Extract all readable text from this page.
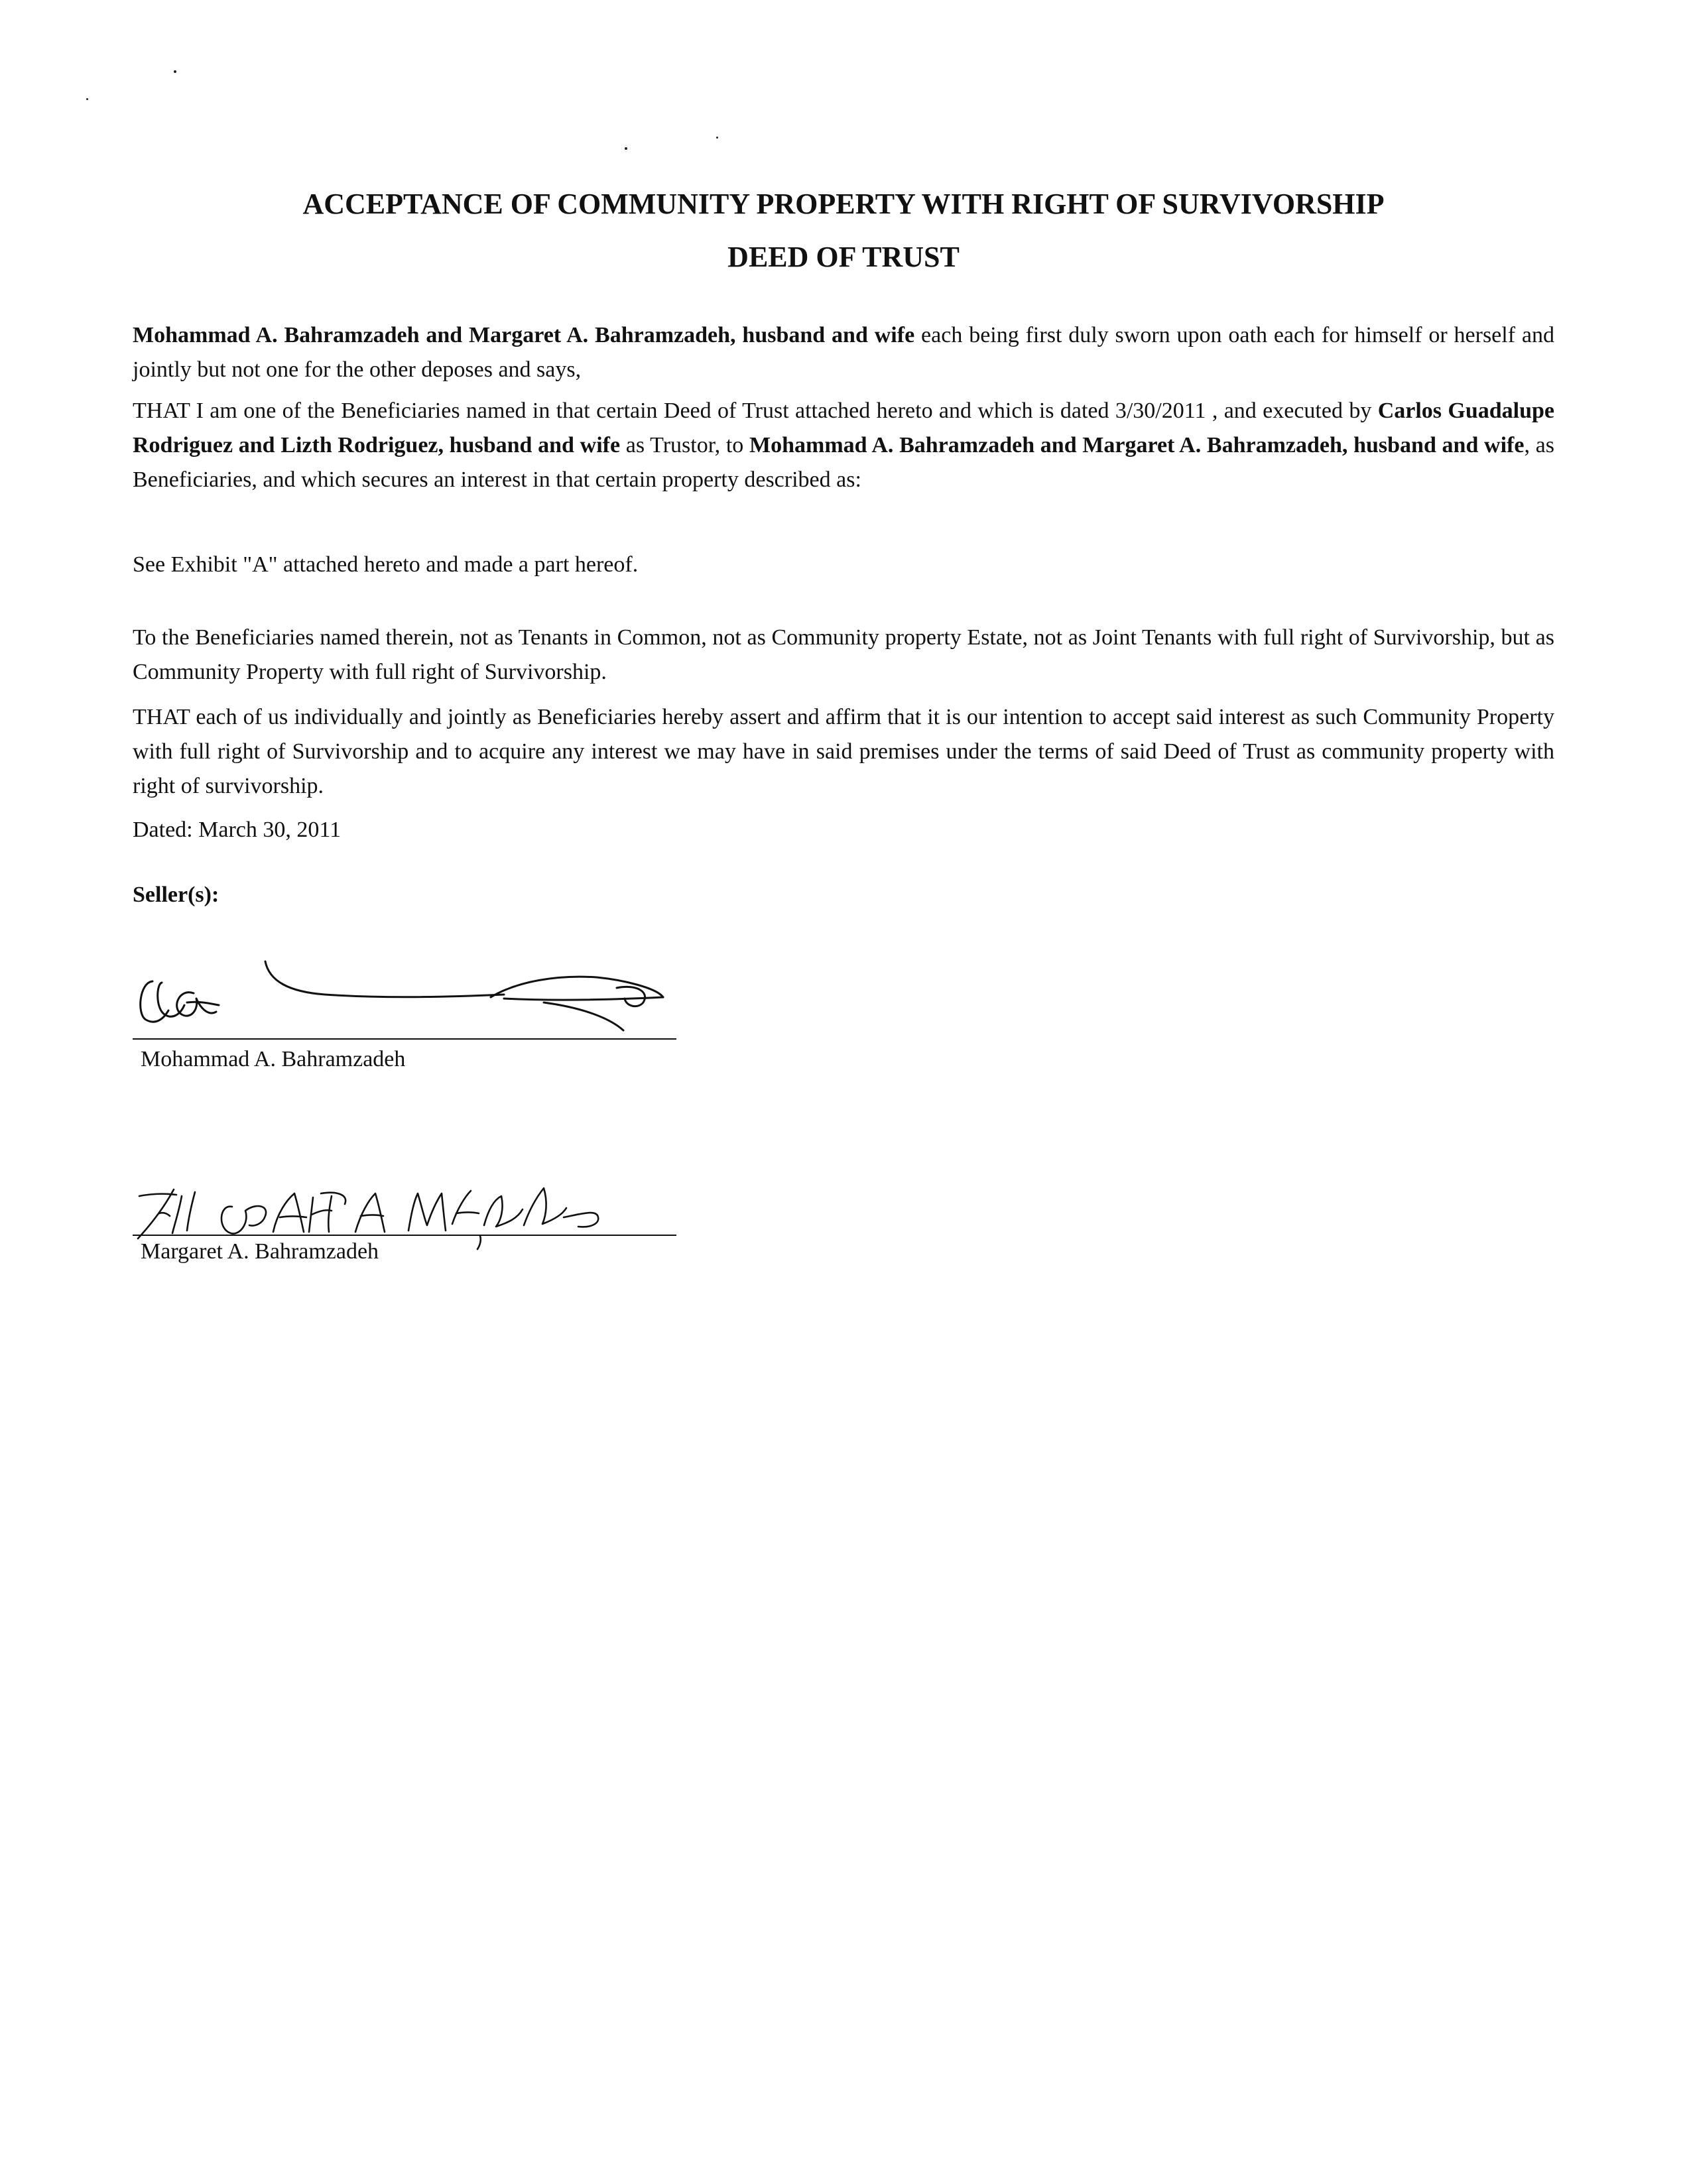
ACCEPTANCE OF COMMUNITY PROPERTY WITH RIGHT OF SURVIVORSHIP
DEED OF TRUST

Mohammad A. Bahramzadeh and Margaret A. Bahramzadeh, husband and wife each being first duly sworn upon oath each for himself or herself and jointly but not one for the other deposes and says,

THAT I am one of the Beneficiaries named in that certain Deed of Trust attached hereto and which is dated 3/30/2011 , and executed by Carlos Guadalupe Rodriguez and Lizth Rodriguez, husband and wife as Trustor, to Mohammad A. Bahramzadeh and Margaret A. Bahramzadeh, husband and wife, as Beneficiaries, and which secures an interest in that certain property described as:

See Exhibit "A" attached hereto and made a part hereof.

To the Beneficiaries named therein, not as Tenants in Common, not as Community property Estate, not as Joint Tenants with full right of Survivorship, but as Community Property with full right of Survivorship.

THAT each of us individually and jointly as Beneficiaries hereby assert and affirm that it is our intention to accept said interest as such Community Property with full right of Survivorship and to acquire any interest we may have in said premises under the terms of said Deed of Trust as community property with right of survivorship.

Dated: March 30, 2011

Seller(s):

Mohammad A. Bahramzadeh
Margaret A. Bahramzadeh
